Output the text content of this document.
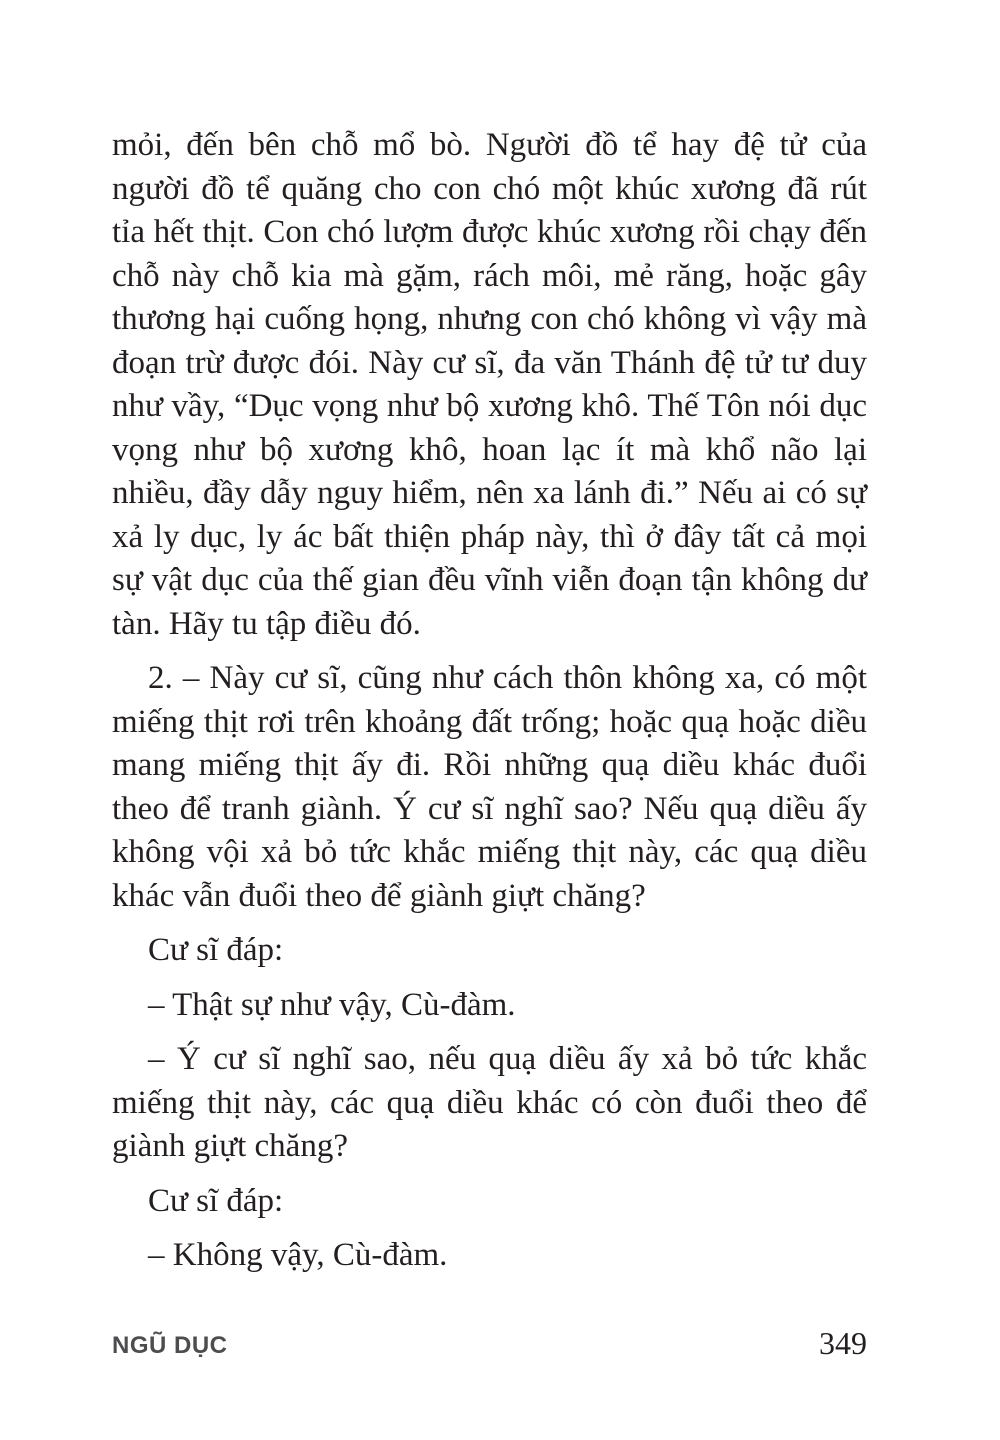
mỏi, đến bên chỗ mổ bò. Người đồ tể hay đệ tử của người đồ tể quăng cho con chó một khúc xương đã rút tỉa hết thịt. Con chó lượm được khúc xương rồi chạy đến chỗ này chỗ kia mà gặm, rách môi, mẻ răng, hoặc gây thương hại cuống họng, nhưng con chó không vì vậy mà đoạn trừ được đói. Này cư sĩ, đa văn Thánh đệ tử tư duy như vầy, “Dục vọng như bộ xương khô. Thế Tôn nói dục vọng như bộ xương khô, hoan lạc ít mà khổ não lại nhiều, đầy dẫy nguy hiểm, nên xa lánh đi.” Nếu ai có sự xả ly dục, ly ác bất thiện pháp này, thì ở đây tất cả mọi sự vật dục của thế gian đều vĩnh viễn đoạn tận không dư tàn. Hãy tu tập điều đó.

2. – Này cư sĩ, cũng như cách thôn không xa, có một miếng thịt rơi trên khoảng đất trống; hoặc quạ hoặc diều mang miếng thịt ấy đi. Rồi những quạ diều khác đuổi theo để tranh giành. Ý cư sĩ nghĩ sao? Nếu quạ diều ấy không vội xả bỏ tức khắc miếng thịt này, các quạ diều khác vẫn đuổi theo để giành giựt chăng?

Cư sĩ đáp:

– Thật sự như vậy, Cù-đàm.

– Ý cư sĩ nghĩ sao, nếu quạ diều ấy xả bỏ tức khắc miếng thịt này, các quạ diều khác có còn đuổi theo để giành giựt chăng?

Cư sĩ đáp:

– Không vậy, Cù-đàm.

NGŨ DỤC	349
